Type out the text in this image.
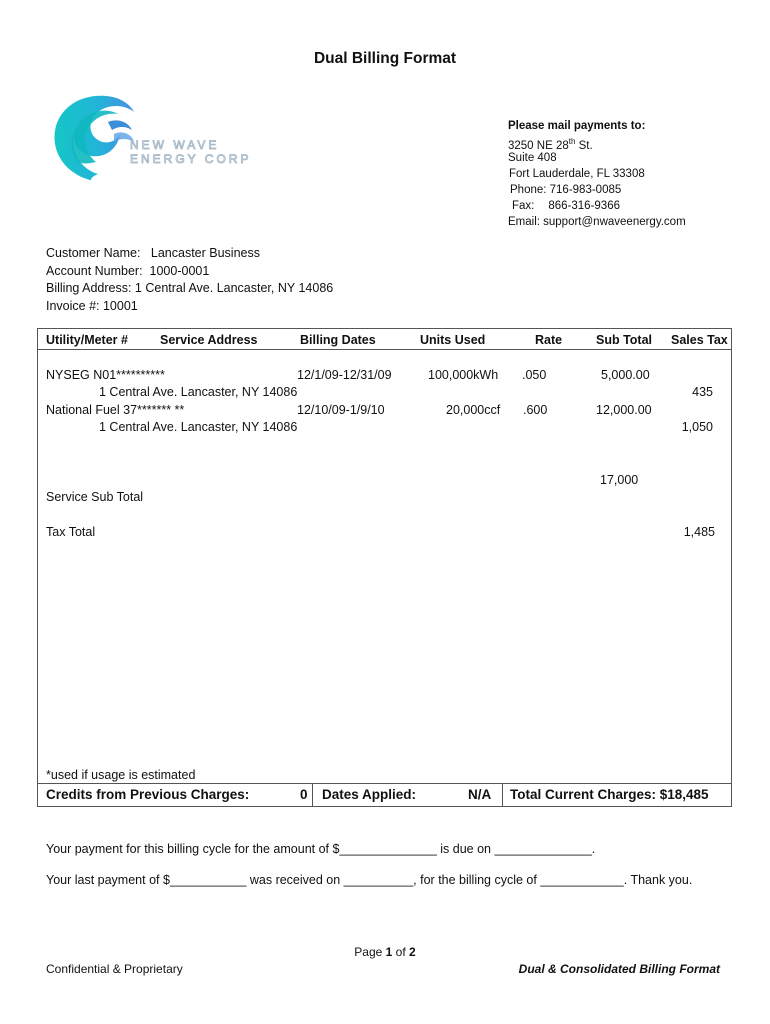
Dual Billing Format
NEW WAVE
ENERGY CORP
Please mail payments to:
3250 NE 28th St.
Suite 408
Fort Lauderdale, FL 33308
Phone: 716-983-0085
Fax: 866-316-9366
Email: support@nwaveenergy.com
Customer Name:   Lancaster Business
Account Number:  1000-0001
Billing Address: 1 Central Ave. Lancaster, NY 14086
Invoice #: 10001
Utility/Meter #	Service Address	Billing Dates	Units Used	Rate	Sub Total Sales Tax
NYSEG N01**********	12/1/09-12/31/09	100,000kWh .050	5,000.00
1 Central Ave. Lancaster, NY 14086	435
National Fuel 37******* **	12/10/09-1/9/10	20,000ccf .600	12,000.00
1 Central Ave. Lancaster, NY 14086	1,050
17,000
Service Sub Total
Tax Total	1,485
*used if usage is estimated
Credits from Previous Charges:	0 Dates Applied:	N/A Total Current Charges: $18,485
Your payment for this billing cycle for the amount of $______________ is due on ______________.
Your last payment of $___________ was received on __________, for the billing cycle of ____________. Thank you.
Page 1 of 2
Confidential & Proprietary	Dual & Consolidated Billing Format
